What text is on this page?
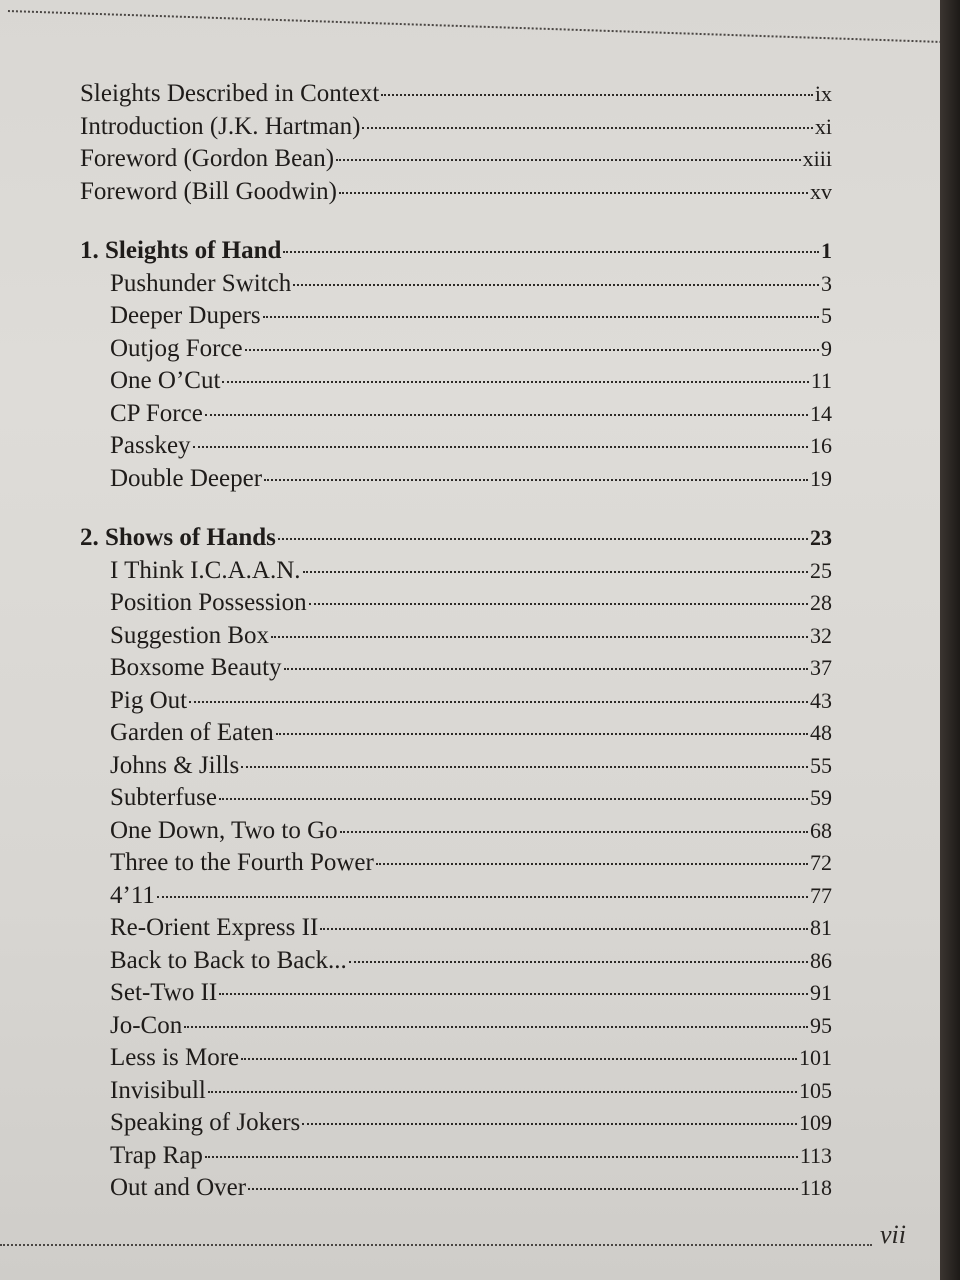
Sleights Described in Context	ix
Introduction (J.K. Hartman)	xi
Foreword (Gordon Bean)	xiii
Foreword (Bill Goodwin)	xv
1. Sleights of Hand	1
Pushunder Switch	3
Deeper Dupers	5
Outjog Force	9
One O’Cut	11
CP Force	14
Passkey	16
Double Deeper	19
2. Shows of Hands	23
I Think I.C.A.A.N.	25
Position Possession	28
Suggestion Box	32
Boxsome Beauty	37
Pig Out	43
Garden of Eaten	48
Johns & Jills	55
Subterfuse	59
One Down, Two to Go	68
Three to the Fourth Power	72
4’11	77
Re-Orient Express II	81
Back to Back to Back...	86
Set-Two II	91
Jo-Con	95
Less is More	101
Invisibull	105
Speaking of Jokers	109
Trap Rap	113
Out and Over	118
vii
